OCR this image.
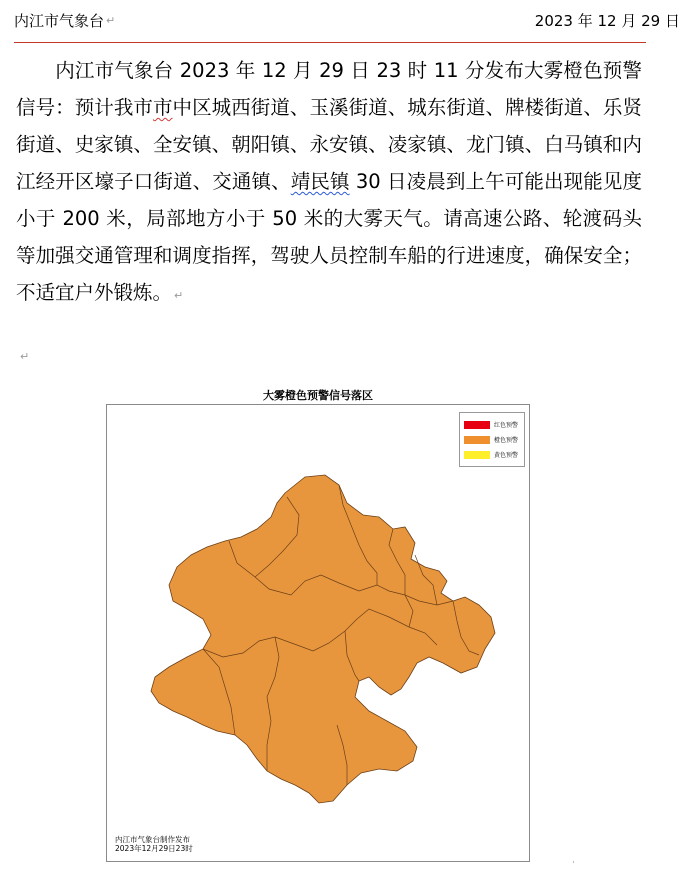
内江市气象台 ↵	2023 年 12 月 29 日
内江市气象台 2023 年 12 月 29 日 23 时 11 分发布大雾橙色预警信号：预计我市市中区城西街道、玉溪街道、城东街道、牌楼街道、乐贤街道、史家镇、全安镇、朝阳镇、永安镇、凌家镇、龙门镇、白马镇和内江经开区壕子口街道、交通镇、靖民镇 30 日凌晨到上午可能出现能见度小于 200 米，局部地方小于 50 米的大雾天气。请高速公路、轮渡码头等加强交通管理和调度指挥，驾驶人员控制车船的行进速度，确保安全；不适宜户外锻炼。 ↵
↵
大雾橙色预警信号落区
红色预警
橙色预警
黄色预警
内江市气象台制作发布
2023年12月29日23时
·
